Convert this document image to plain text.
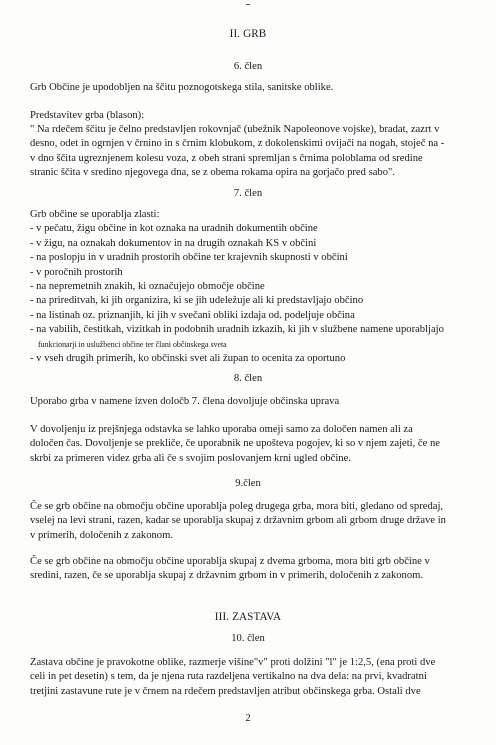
II. GRB
6. člen
Grb Občine je upodobljen na ščitu poznogotskega stila, sanitske oblike.
Predstavitev grba (blason):
" Na rdečem ščitu je čelno predstavljen rokovnjač (ubežnik Napoleonove vojske), bradat, zazrt v
desno, odet in ogrnjen v črnino in s črnim klobukom, z dokolenskimi ovijači na nogah, stoječ na -
v dno ščita ugreznjenem kolesu voza, z obeh strani spremljan s črnima poloblama od sredine
stranic ščita v sredino njegovega dna, se z obema rokama opira na gorjačo pred sabo".
7. člen
Grb občine se uporablja zlasti:
- v pečatu, žigu občine in kot oznaka na uradnih dokumentih občine
- v žigu, na oznakah dokumentov in na drugih oznakah KS v občini
- na poslopju in v uradnih prostorih občine ter krajevnih skupnosti v občini
- v poročnih prostorih
- na nepremetnih znakih, ki označujejo območje občine
- na prireditvah, ki jih organizira, ki se jih udeležuje ali ki predstavljajo občino
- na listinah oz. priznanjih, ki jih v svečani obliki izdaja od. podeljuje občina
- na vabilih, čestitkah, vizitkah in podobnih uradnih izkazih, ki jih v službene namene uporabljajo
funkcionarji in uslužbenci občine ter člani občinskega sveta
- v vseh drugih primerih, ko občinski svet ali župan to ocenita za oportuno
8. člen
Uporabo grba v namene izven določb 7. člena dovoljuje občinska uprava
V dovoljenju iz prejšnjega odstavka se lahko uporaba omeji samo za določen namen ali za
določen čas. Dovoljenje se prekliče, če uporabnik ne upošteva pogojev, ki so v njem zajeti, če ne
skrbi za primeren videz grba ali če s svojim poslovanjem krni ugled občine.
9.člen
Če se grb občine na območju občine uporablja poleg drugega grba, mora biti, gledano od spredaj,
vselej na levi strani, razen, kadar se uporablja skupaj z državnim grbom ali grbom druge države in
v primerih, določenih z zakonom.
Če se grb občine na območju občine uporablja skupaj z dvema grboma, mora biti grb občine v
sredini, razen, če se uporablja skupaj z državnim grbom in v primerih, določenih z zakonom.
III. ZASTAVA
10. člen
Zastava občine je pravokotne oblike, razmerje višine"v" proti dolžini "l" je 1:2,5, (ena proti dve
celi in pet desetin) s tem, da je njena ruta razdeljena vertikalno na dva dela: na prvi, kvadratni
tretjini zastavune rute je v črnem na rdečem predstavljen atribut občinskega grba. Ostali dve
2
